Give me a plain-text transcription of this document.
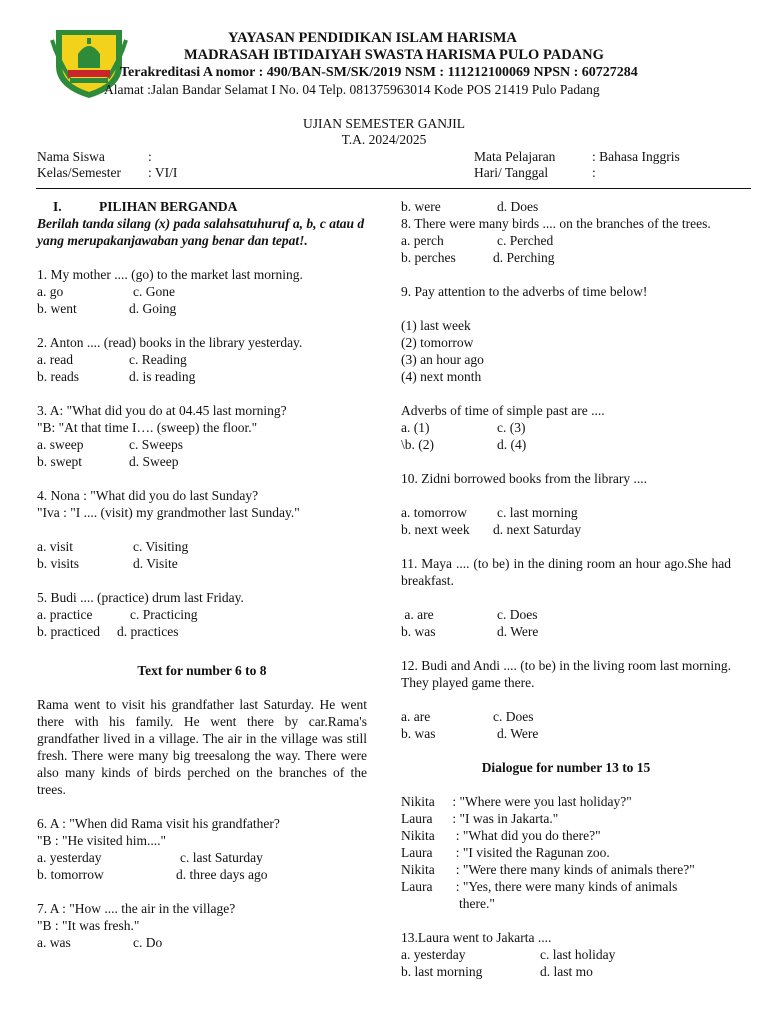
YAYASAN PENDIDIKAN ISLAM HARISMA
MADRASAH IBTIDAIYAH SWASTA HARISMA PULO PADANG
Terakreditasi A nomor : 490/BAN-SM/SK/2019 NSM : 111212100069 NPSN : 60727284
Alamat :Jalan Bandar Selamat I No. 04 Telp. 081375963014 Kode POS 21419 Pulo Padang
UJIAN SEMESTER GANJIL
T.A. 2024/2025
Nama Siswa	:
Kelas/Semester : VI/I
Mata Pelajaran	: Bahasa Inggris
Hari/ Tanggal	:

I.	PILIHAN BERGANDA

Berilah tanda silang (x) pada salahsatuhuruf a, b, c atau d yang merupakanjawaban yang benar dan tepat!.

1. My mother .... (go) to the market last morning.
a. go	c. Gone
b. went	d. Going
2. Anton .... (read) books in the library yesterday.
a. read	c. Reading
b. reads	d. is reading
3. A: "What did you do at 04.45 last morning?
"B: "At that time I…. (sweep) the floor."
a. sweep	c. Sweeps
b. swept	d. Sweep
4. Nona : "What did you do last Sunday?
"Iva : "I .... (visit) my grandmother last Sunday."
a. visit	c. Visiting
b. visits	d. Visite
5. Budi .... (practice) drum last Friday.
a. practice	c. Practicing
b. practiced	d. practices

Text for number 6 to 8

Rama went to visit his grandfather last Saturday. He went there with his family. He went there by car.Rama's grandfather lived in a village. The air in the village was still fresh. There were many big treesalong the way. There were also many kinds of birds perched on the branches of the trees.

6. A : "When did Rama visit his grandfather?
"B : "He visited him...."
a. yesterday	c. last Saturday
b. tomorrow	d. three days ago
7. A : "How .... the air in the village?
"B : "It was fresh."
a. was	c. Do
b. were	d. Does
8. There were many birds .... on the branches of the trees.
a. perch	c. Perched
b. perches	d. Perching
9. Pay attention to the adverbs of time below!
(1) last week
(2) tomorrow
(3) an hour ago
(4) next month
Adverbs of time of simple past are ....
a. (1)	c. (3)
\b. (2)	d. (4)
10. Zidni borrowed books from the library ....
a. tomorrow	c. last morning
b. next week	d. next Saturday
11. Maya .... (to be) in the dining room an hour ago.She had breakfast.
a. are	c. Does
b. was	d. Were
12. Budi and Andi .... (to be) in the living room last morning. They played game there.
a. are	c. Does
b. was	d. Were

Dialogue for number 13 to 15

Nikita	: "Where were you last holiday?"
Laura	: "I was in Jakarta."
Nikita	: "What did you do there?"
Laura	: "I visited the Ragunan zoo.
Nikita	: "Were there many kinds of animals there?"
Laura	: "Yes, there were many kinds of animals
there."
13.Laura went to Jakarta ....
a. yesterday	c. last holiday
b. last morning	d. last mo
